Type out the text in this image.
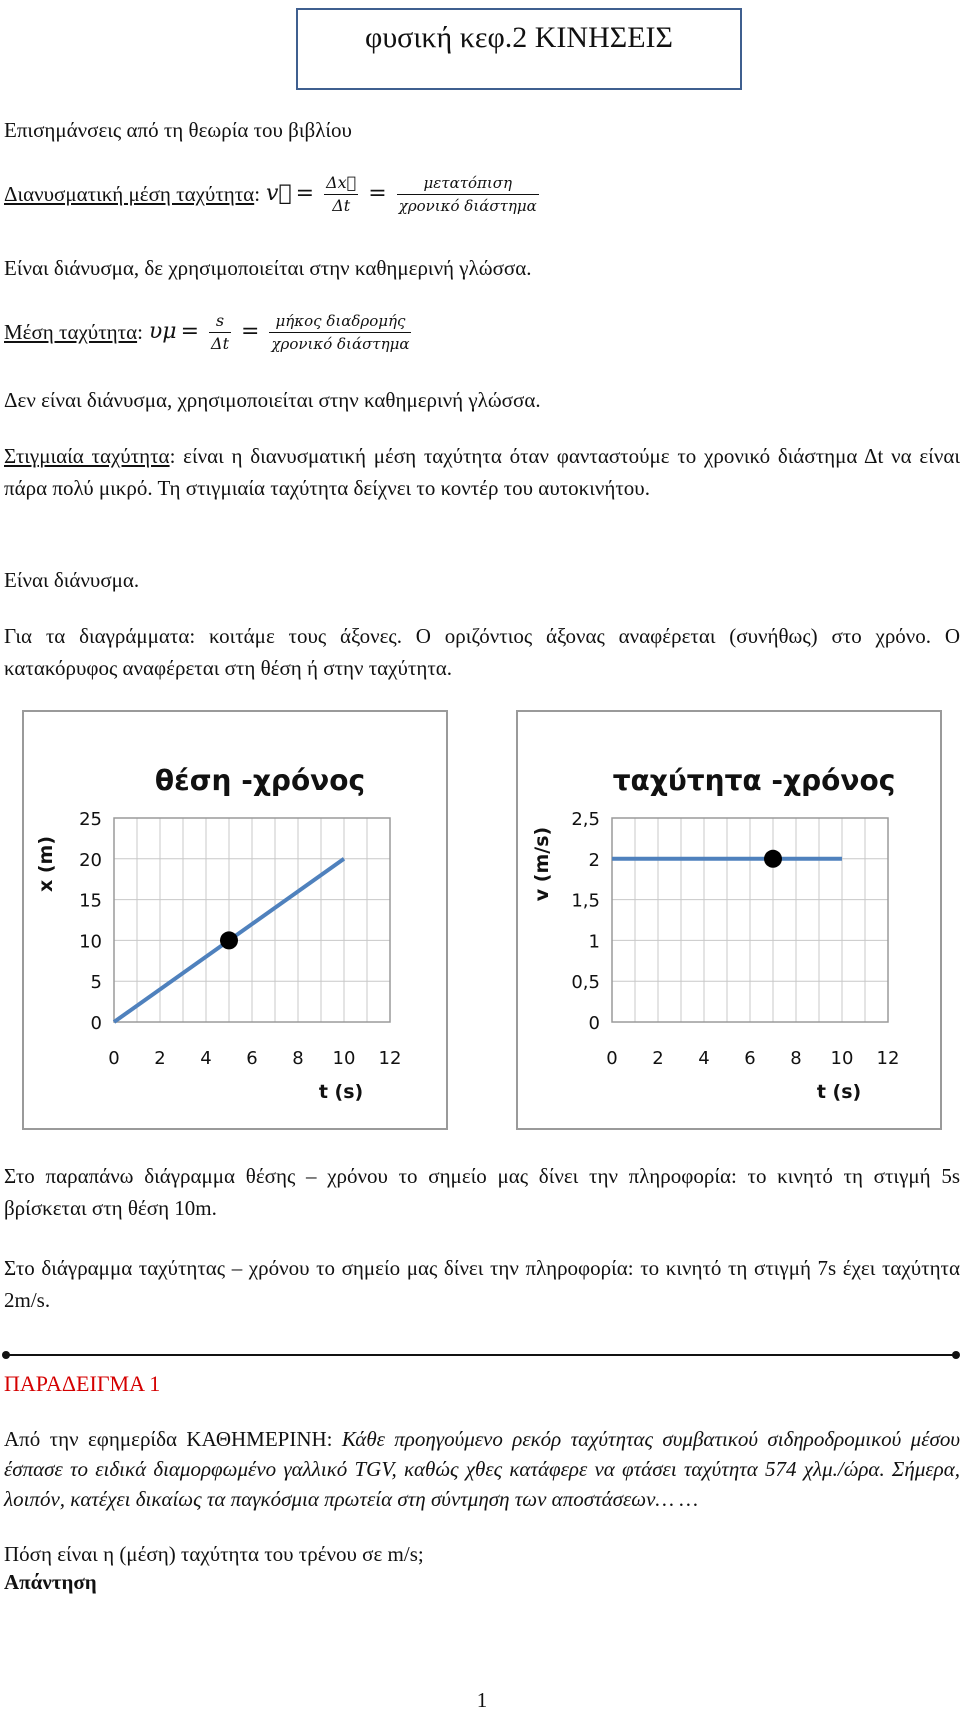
φυσική κεφ.2 ΚΙΝΗΣΕΙΣ
Επισημάνσεις από τη θεωρία του βιβλίου
Διανυσματική μέση ταχύτητα : v⃗ = $\frac{\Delta x⃗}{\Delta t} = \frac{\text{μετατόπιση}}{\text{χρονικό διάστημα}}$
Είναι διάνυσμα, δε χρησιμοποιείται στην καθημερινή γλώσσα.
Μέση ταχύτητα : $\upsilon\mu = \frac{s}{\Delta t} = \frac{\text{μήκος διαδρομής}}{\text{χρονικό διάστημα}}$
Δεν είναι διάνυσμα, χρησιμοποιείται στην καθημερινή γλώσσα.
Στιγμιαία ταχύτητα: είναι η διανυσματική μέση ταχύτητα όταν φανταστούμε το χρονικό διάστημα Δt να είναι πάρα πολύ μικρό. Τη στιγμιαία ταχύτητα δείχνει το κοντέρ του αυτοκινήτου.
Είναι διάνυσμα.
Για τα διαγράμματα: κοιτάμε τους άξονες. Ο οριζόντιος άξονας αναφέρεται (συνήθως) στο χρόνο. Ο κατακόρυφος αναφέρεται στη θέση ή στην ταχύτητα.
θέση -χρόνος
0
5
10
15
20
25
0 2 4 6 8 10 12
t (s)
x (m)
ταχύτητα -χρόνος
0
0,5
1
1,5
2
2,5
0 2 4 6 8 10 12
t (s)
v (m/s)
Στο παραπάνω διάγραμμα θέσης – χρόνου το σημείο μας δίνει την πληροφορία: το κινητό τη στιγμή 5s βρίσκεται στη θέση 10m.
Στο διάγραμμα ταχύτητας – χρόνου το σημείο μας δίνει την πληροφορία: το κινητό τη στιγμή 7s έχει ταχύτητα 2m/s.
ΠΑΡΑΔΕΙΓΜΑ 1
Από την εφημερίδα ΚΑΘΗΜΕΡΙΝΗ: Κάθε προηγούμενο ρεκόρ ταχύτητας συμβατικού σιδηροδρομικού μέσου έσπασε το ειδικά διαμορφωμένο γαλλικό TGV, καθώς χθες κατάφερε να φτάσει ταχύτητα 574 χλμ./ώρα. Σήμερα, λοιπόν, κατέχει δικαίως τα παγκόσμια πρωτεία στη σύντμηση των αποστάσεων… …
Πόση είναι η (μέση) ταχύτητα του τρένου σε m/s;
Απάντηση
1
